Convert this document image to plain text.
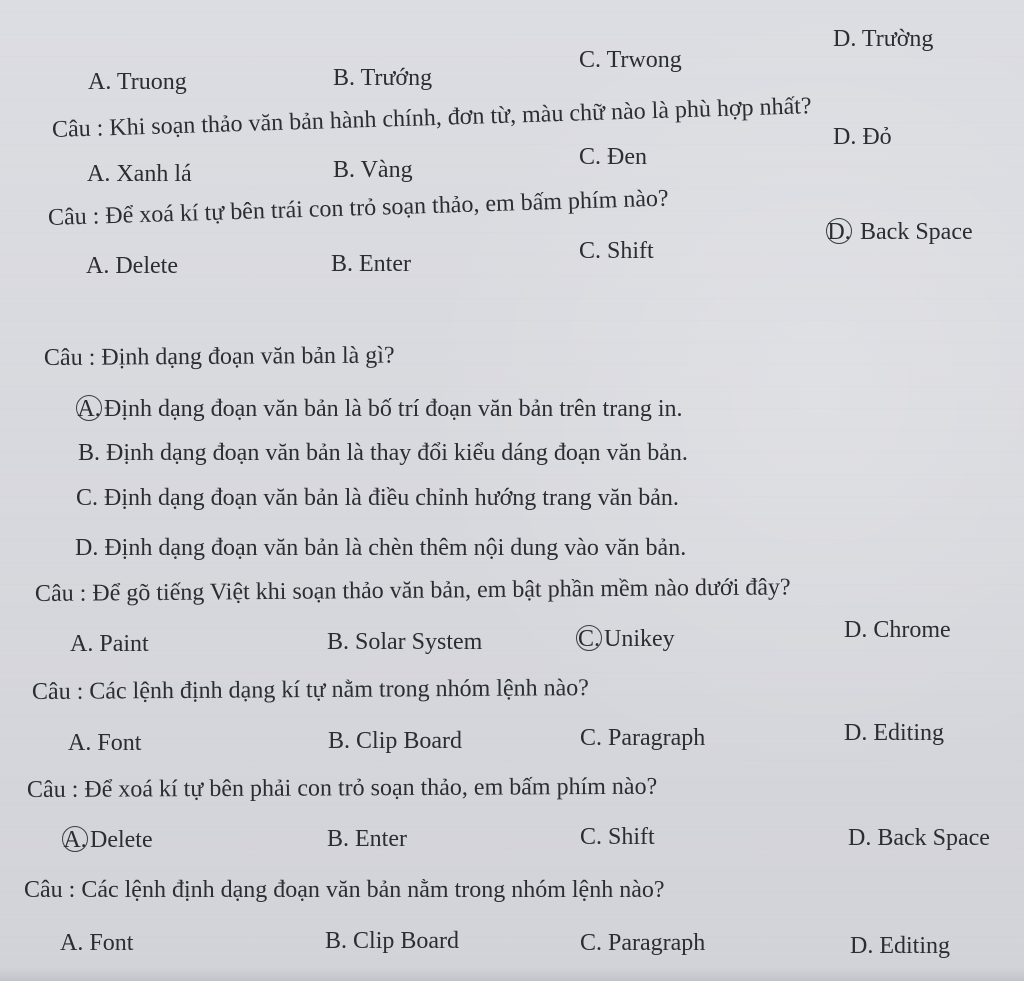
A. Truong	B. Trướng
C. Trwong
D. Trường
Câu : Khi soạn thảo văn bản hành chính, đơn từ, màu chữ nào là phù hợp nhất?
A. Xanh lá	B. Vàng	C. Đen
D. Đỏ
Câu : Để xoá kí tự bên trái con trỏ soạn thảo, em bấm phím nào?
A. Delete	B. Enter	C. Shift
D. Back Space
Câu : Định dạng đoạn văn bản là gì?
A. Định dạng đoạn văn bản là bố trí đoạn văn bản trên trang in.
B. Định dạng đoạn văn bản là thay đổi kiểu dáng đoạn văn bản.
C. Định dạng đoạn văn bản là điều chỉnh hướng trang văn bản.
D. Định dạng đoạn văn bản là chèn thêm nội dung vào văn bản.
Câu : Để gõ tiếng Việt khi soạn thảo văn bản, em bật phần mềm nào dưới đây?
A. Paint	B. Solar System	C. Unikey	D. Chrome
Câu : Các lệnh định dạng kí tự nằm trong nhóm lệnh nào?
A. Font	B. Clip Board	C. Paragraph	D. Editing
Câu : Để xoá kí tự bên phải con trỏ soạn thảo, em bấm phím nào?
A. Delete	B. Enter	C. Shift	D. Back Space
Câu : Các lệnh định dạng đoạn văn bản nằm trong nhóm lệnh nào?
A. Font	B. Clip Board	C. Paragraph	D. Editing
